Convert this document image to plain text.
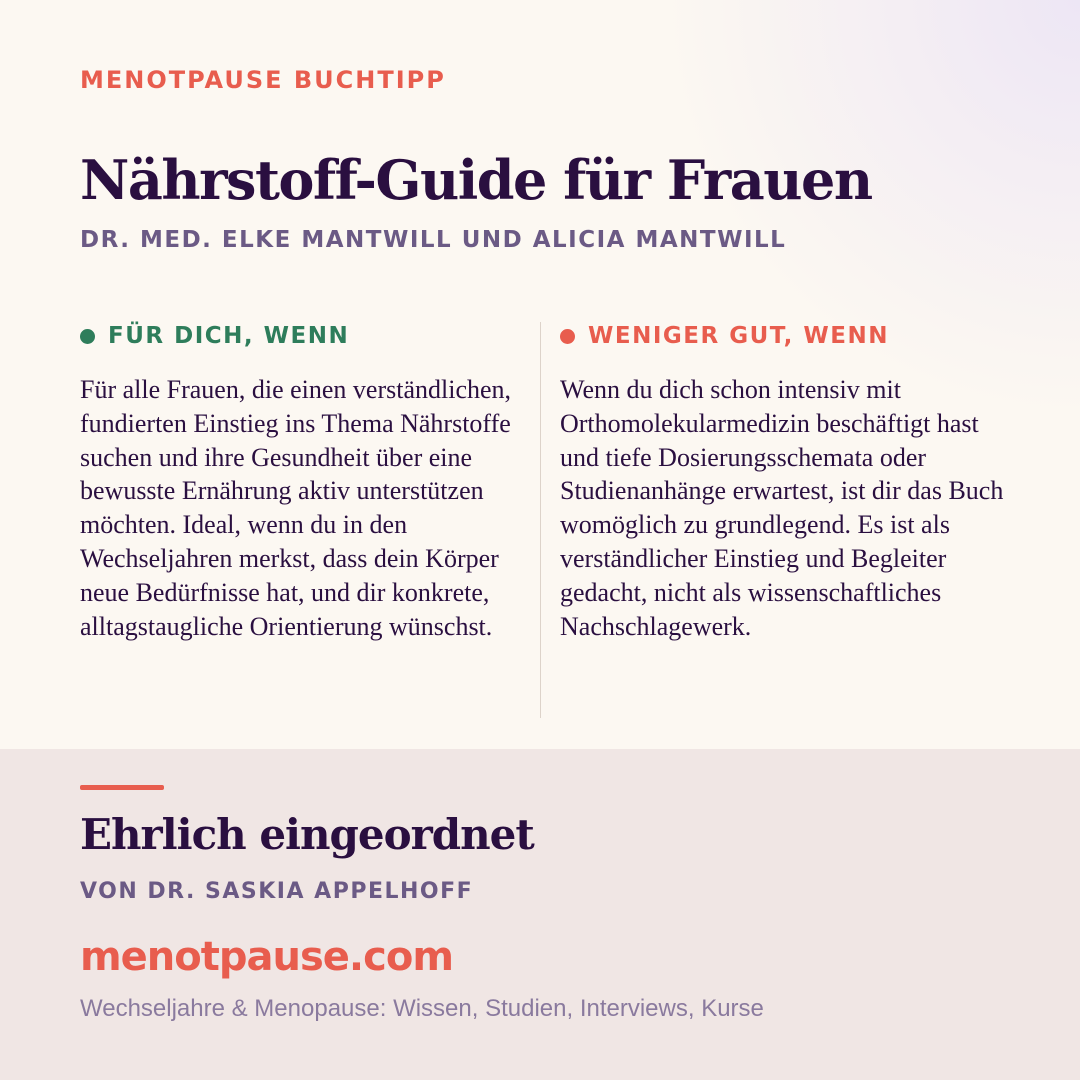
MENOTPAUSE BUCHTIPP
Nährstoff-Guide für Frauen
DR. MED. ELKE MANTWILL UND ALICIA MANTWILL
FÜR DICH, WENN

Für alle Frauen, die einen verständlichen, fundierten Einstieg ins Thema Nährstoffe suchen und ihre Gesundheit über eine bewusste Ernährung aktiv unterstützen möchten. Ideal, wenn du in den Wechseljahren merkst, dass dein Körper neue Bedürfnisse hat, und dir konkrete, alltagstaugliche Orientierung wünschst.

WENIGER GUT, WENN

Wenn du dich schon intensiv mit Orthomolekularmedizin beschäftigt hast und tiefe Dosierungsschemata oder Studienanhänge erwartest, ist dir das Buch womöglich zu grundlegend. Es ist als verständlicher Einstieg und Begleiter gedacht, nicht als wissenschaftliches Nachschlagewerk.

Ehrlich eingeordnet
VON DR. SASKIA APPELHOFF
menotpause.com
Wechseljahre & Menopause: Wissen, Studien, Interviews, Kurse
